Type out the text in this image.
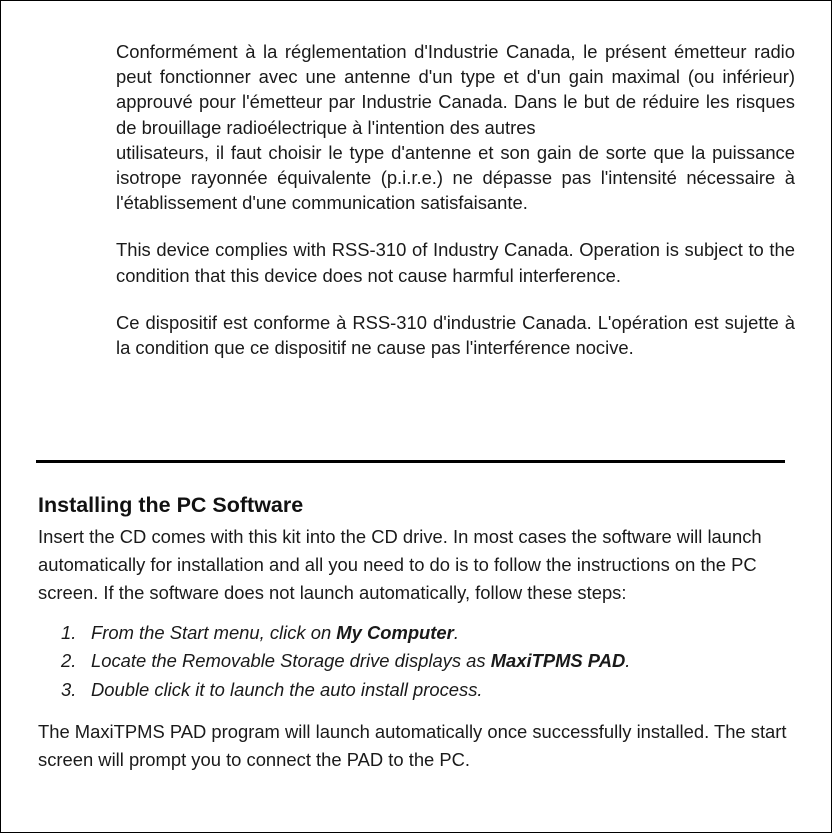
Conformément à la réglementation d'Industrie Canada, le présent émetteur radio peut fonctionner avec une antenne d'un type et d'un gain maximal (ou inférieur) approuvé pour l'émetteur par Industrie Canada. Dans le but de réduire les risques de brouillage radioélectrique à l'intention des autres
utilisateurs, il faut choisir le type d'antenne et son gain de sorte que la puissance isotrope rayonnée équivalente (p.i.r.e.) ne dépasse pas l'intensité nécessaire à l'établissement d'une communication satisfaisante.

This device complies with RSS-310 of Industry Canada. Operation is subject to the condition that this device does not cause harmful interference.

Ce dispositif est conforme à RSS-310 d'industrie Canada. L'opération est sujette à la condition que ce dispositif ne cause pas l'interférence nocive.

Installing the PC Software

Insert the CD comes with this kit into the CD drive. In most cases the software will launch automatically for installation and all you need to do is to follow the instructions on the PC screen. If the software does not launch automatically, follow these steps:

1. From the Start menu, click on My Computer.
2. Locate the Removable Storage drive displays as MaxiTPMS PAD.
3. Double click it to launch the auto install process.

The MaxiTPMS PAD program will launch automatically once successfully installed. The start screen will prompt you to connect the PAD to the PC.
